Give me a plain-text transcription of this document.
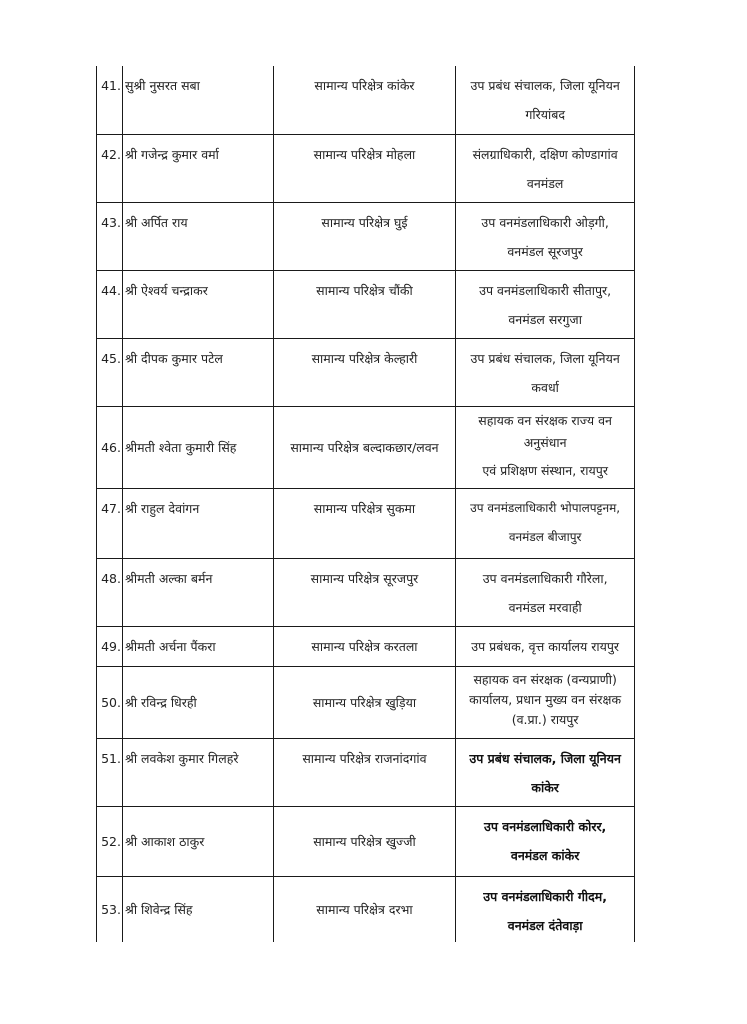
41.	सुश्री नुसरत सबा	सामान्य परिक्षेत्र कांकेर	उप प्रबंध संचालक, जिला यूनियन
गरियांबद

42.	श्री गजेन्द्र कुमार वर्मा	सामान्य परिक्षेत्र मोहला	संलग्राधिकारी, दक्षिण कोण्डागांव
वनमंडल

43.	श्री अर्पित राय	सामान्य परिक्षेत्र घुई	उप वनमंडलाधिकारी ओड़गी,
वनमंडल सूरजपुर

44.	श्री ऐश्वर्य चन्द्राकर	सामान्य परिक्षेत्र चौंकी	उप वनमंडलाधिकारी सीतापुर,
वनमंडल सरगुजा

45.	श्री दीपक कुमार पटेल	सामान्य परिक्षेत्र केल्हारी	उप प्रबंध संचालक, जिला यूनियन
कवर्धा

46.	श्रीमती श्वेता कुमारी सिंह	सामान्य परिक्षेत्र बल्दाकछार/लवन	सहायक वन संरक्षक राज्य वन
अनुसंधान
एवं प्रशिक्षण संस्थान, रायपुर

47.	श्री राहुल देवांगन	सामान्य परिक्षेत्र सुकमा	उप वनमंडलाधिकारी भोपालपट्टनम,
वनमंडल बीजापुर

48.	श्रीमती अल्का बर्मन	सामान्य परिक्षेत्र सूरजपुर	उप वनमंडलाधिकारी गौरेला,
वनमंडल मरवाही

49.	श्रीमती अर्चना पैंकरा	सामान्य परिक्षेत्र करतला	उप प्रबंधक, वृत्त कार्यालय रायपुर

50.	श्री रविन्द्र धिरही	सामान्य परिक्षेत्र खुड़िया	सहायक वन संरक्षक (वन्यप्राणी)
कार्यालय, प्रधान मुख्य वन संरक्षक
(व.प्रा.) रायपुर

51.	श्री लवकेश कुमार गिलहरे	सामान्य परिक्षेत्र राजनांदगांव	उप प्रबंध संचालक, जिला यूनियन
कांकेर

52.	श्री आकाश ठाकुर	सामान्य परिक्षेत्र खुज्जी	उप वनमंडलाधिकारी कोरर,
वनमंडल कांकेर

53.	श्री शिवेन्द्र सिंह	सामान्य परिक्षेत्र दरभा	उप वनमंडलाधिकारी गीदम,
वनमंडल दंतेवाड़ा
